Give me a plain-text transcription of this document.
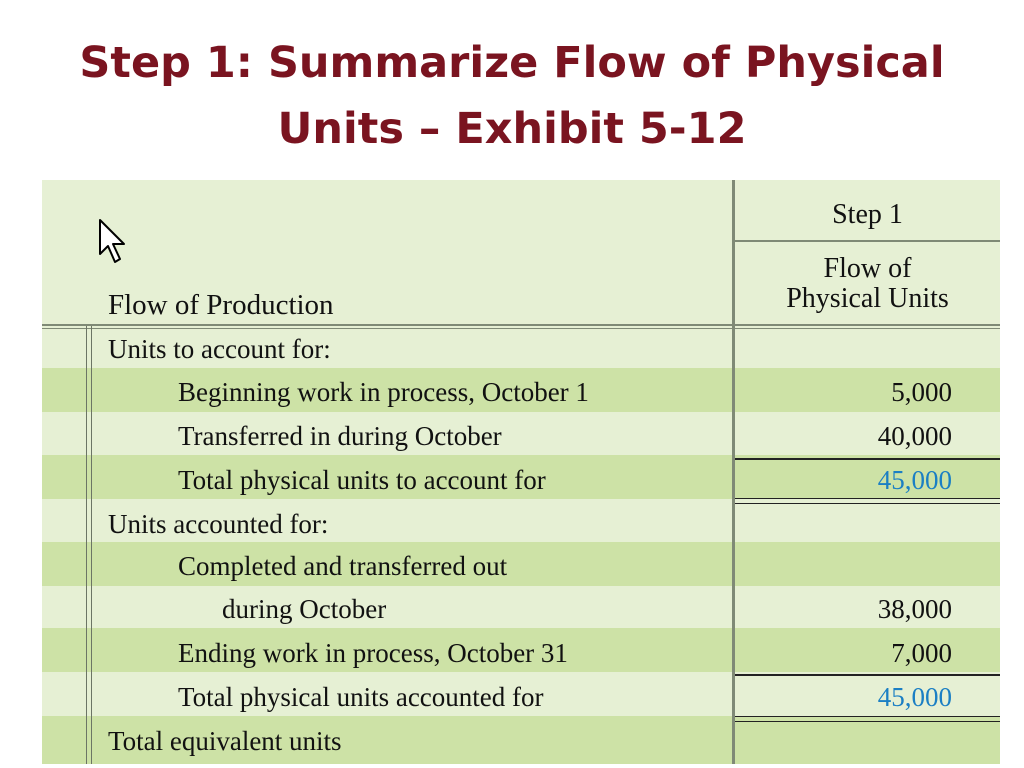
Step 1: Summarize Flow of Physical
Units – Exhibit 5-12
Step 1
Flow of
Physical Units
Flow of Production
Units to account for:
Beginning work in process, October 1	5,000
Transferred in during October	40,000
Total physical units to account for	45,000
Units accounted for:
Completed and transferred out
during October	38,000
Ending work in process, October 31	7,000
Total physical units accounted for	45,000
Total equivalent units
